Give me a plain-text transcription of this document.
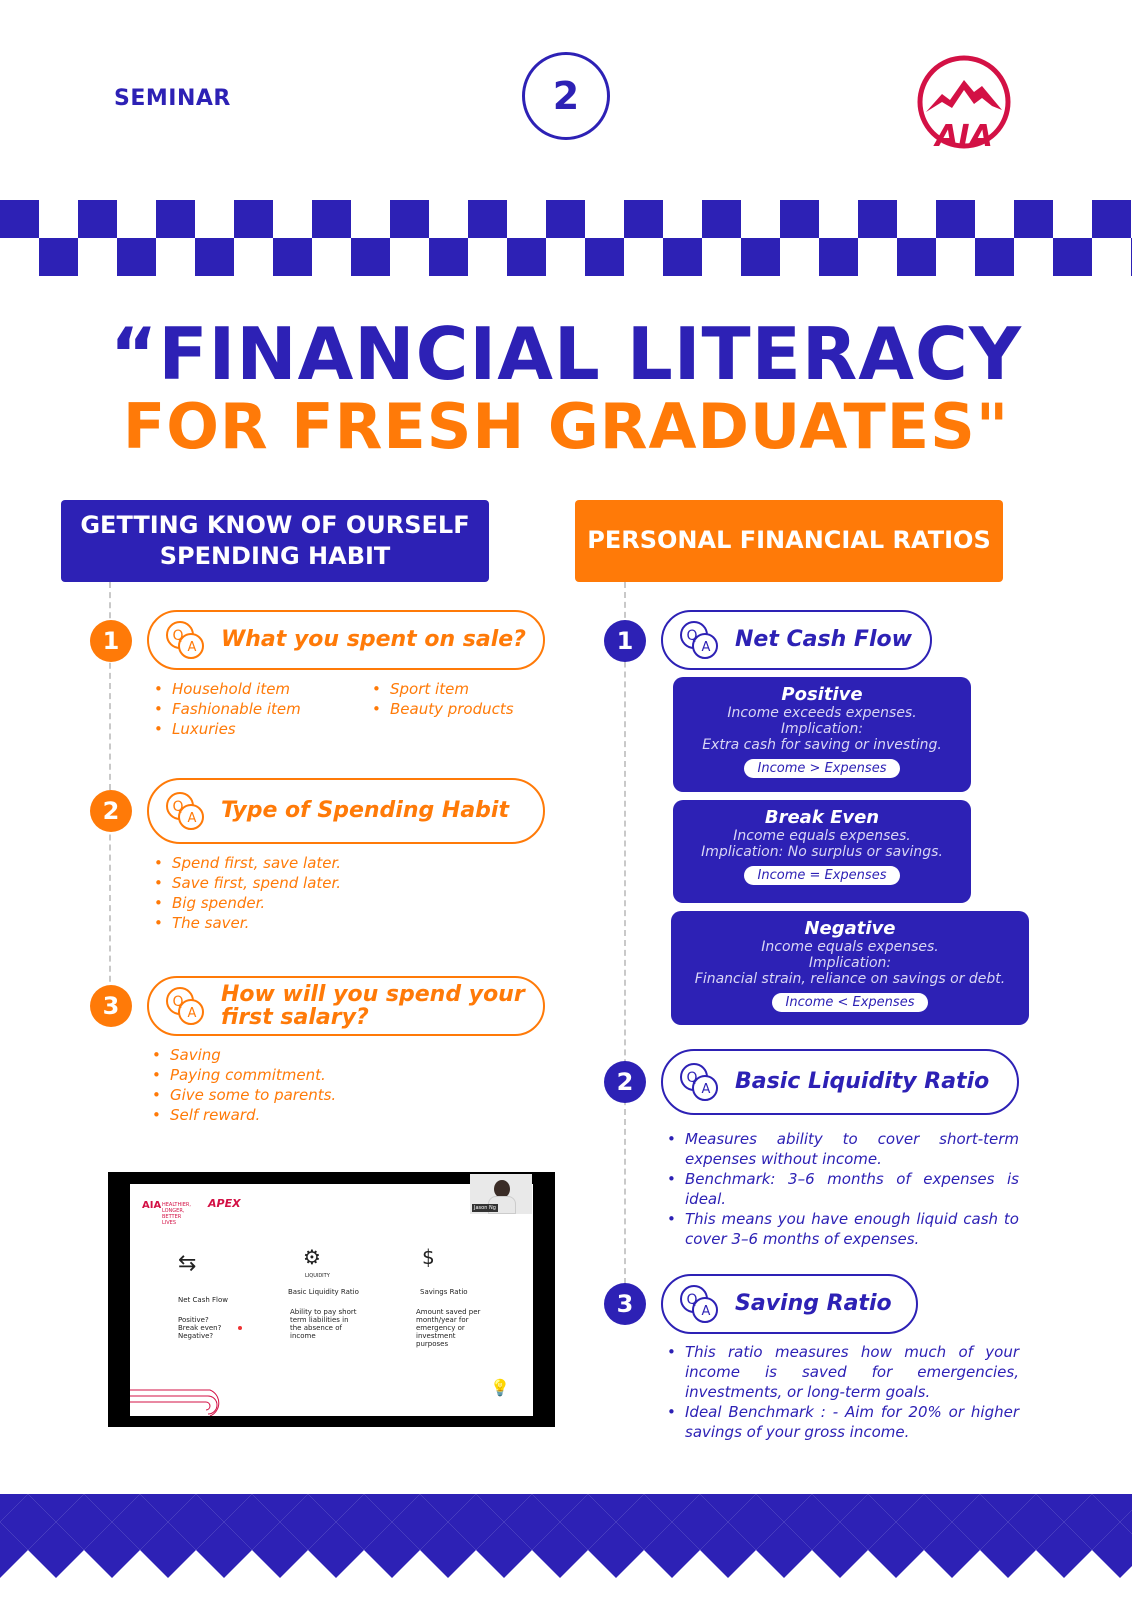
SEMINAR	2
AIA
“FINANCIAL LITERACY
FOR FRESH GRADUATES"
GETTING KNOW OF OURSELF SPENDING HABIT
PERSONAL FINANCIAL RATIOS
1	Q
A What you spent on sale?
• Household item
• Fashionable item
• Luxuries
• Sport item
• Beauty products
2	Q
A Type of Spending Habit
• Spend first, save later.
• Save first, spend later.
• Big spender.
• The saver.
3	Q
A
How will you spend your
first salary?
• Saving
• Paying commitment.
• Give some to parents.
• Self reward.
AIA HEALTHIER, LONGER, BETTER LIVES
APEX
⇆
Net Cash Flow
Positive?
Break even?
Negative?
⚙
LIQUIDITY
Basic Liquidity Ratio
Ability to pay short term liabilities in the absence of income
$
Savings Ratio
Amount saved per month/year for emergency or investment purposes
💡
Jason Ng
1	Q
A Net Cash Flow
Positive
Income exceeds expenses.
Implication:
Extra cash for saving or investing.
Income > Expenses
Break Even
Income equals expenses.
Implication: No surplus or savings.
Income = Expenses
Negative
Income equals expenses.
Implication:
Financial strain, reliance on savings or debt.
Income < Expenses
2	Q
A Basic Liquidity Ratio
• Measures ability to cover short-term expenses without income.
• Benchmark: 3–6 months of expenses is ideal.
• This means you have enough liquid cash to cover 3–6 months of expenses.
3	Q
A Saving Ratio
• This ratio measures how much of your income is saved for emergencies, investments, or long-term goals.
• Ideal Benchmark : - Aim for 20% or higher savings of your gross income.
